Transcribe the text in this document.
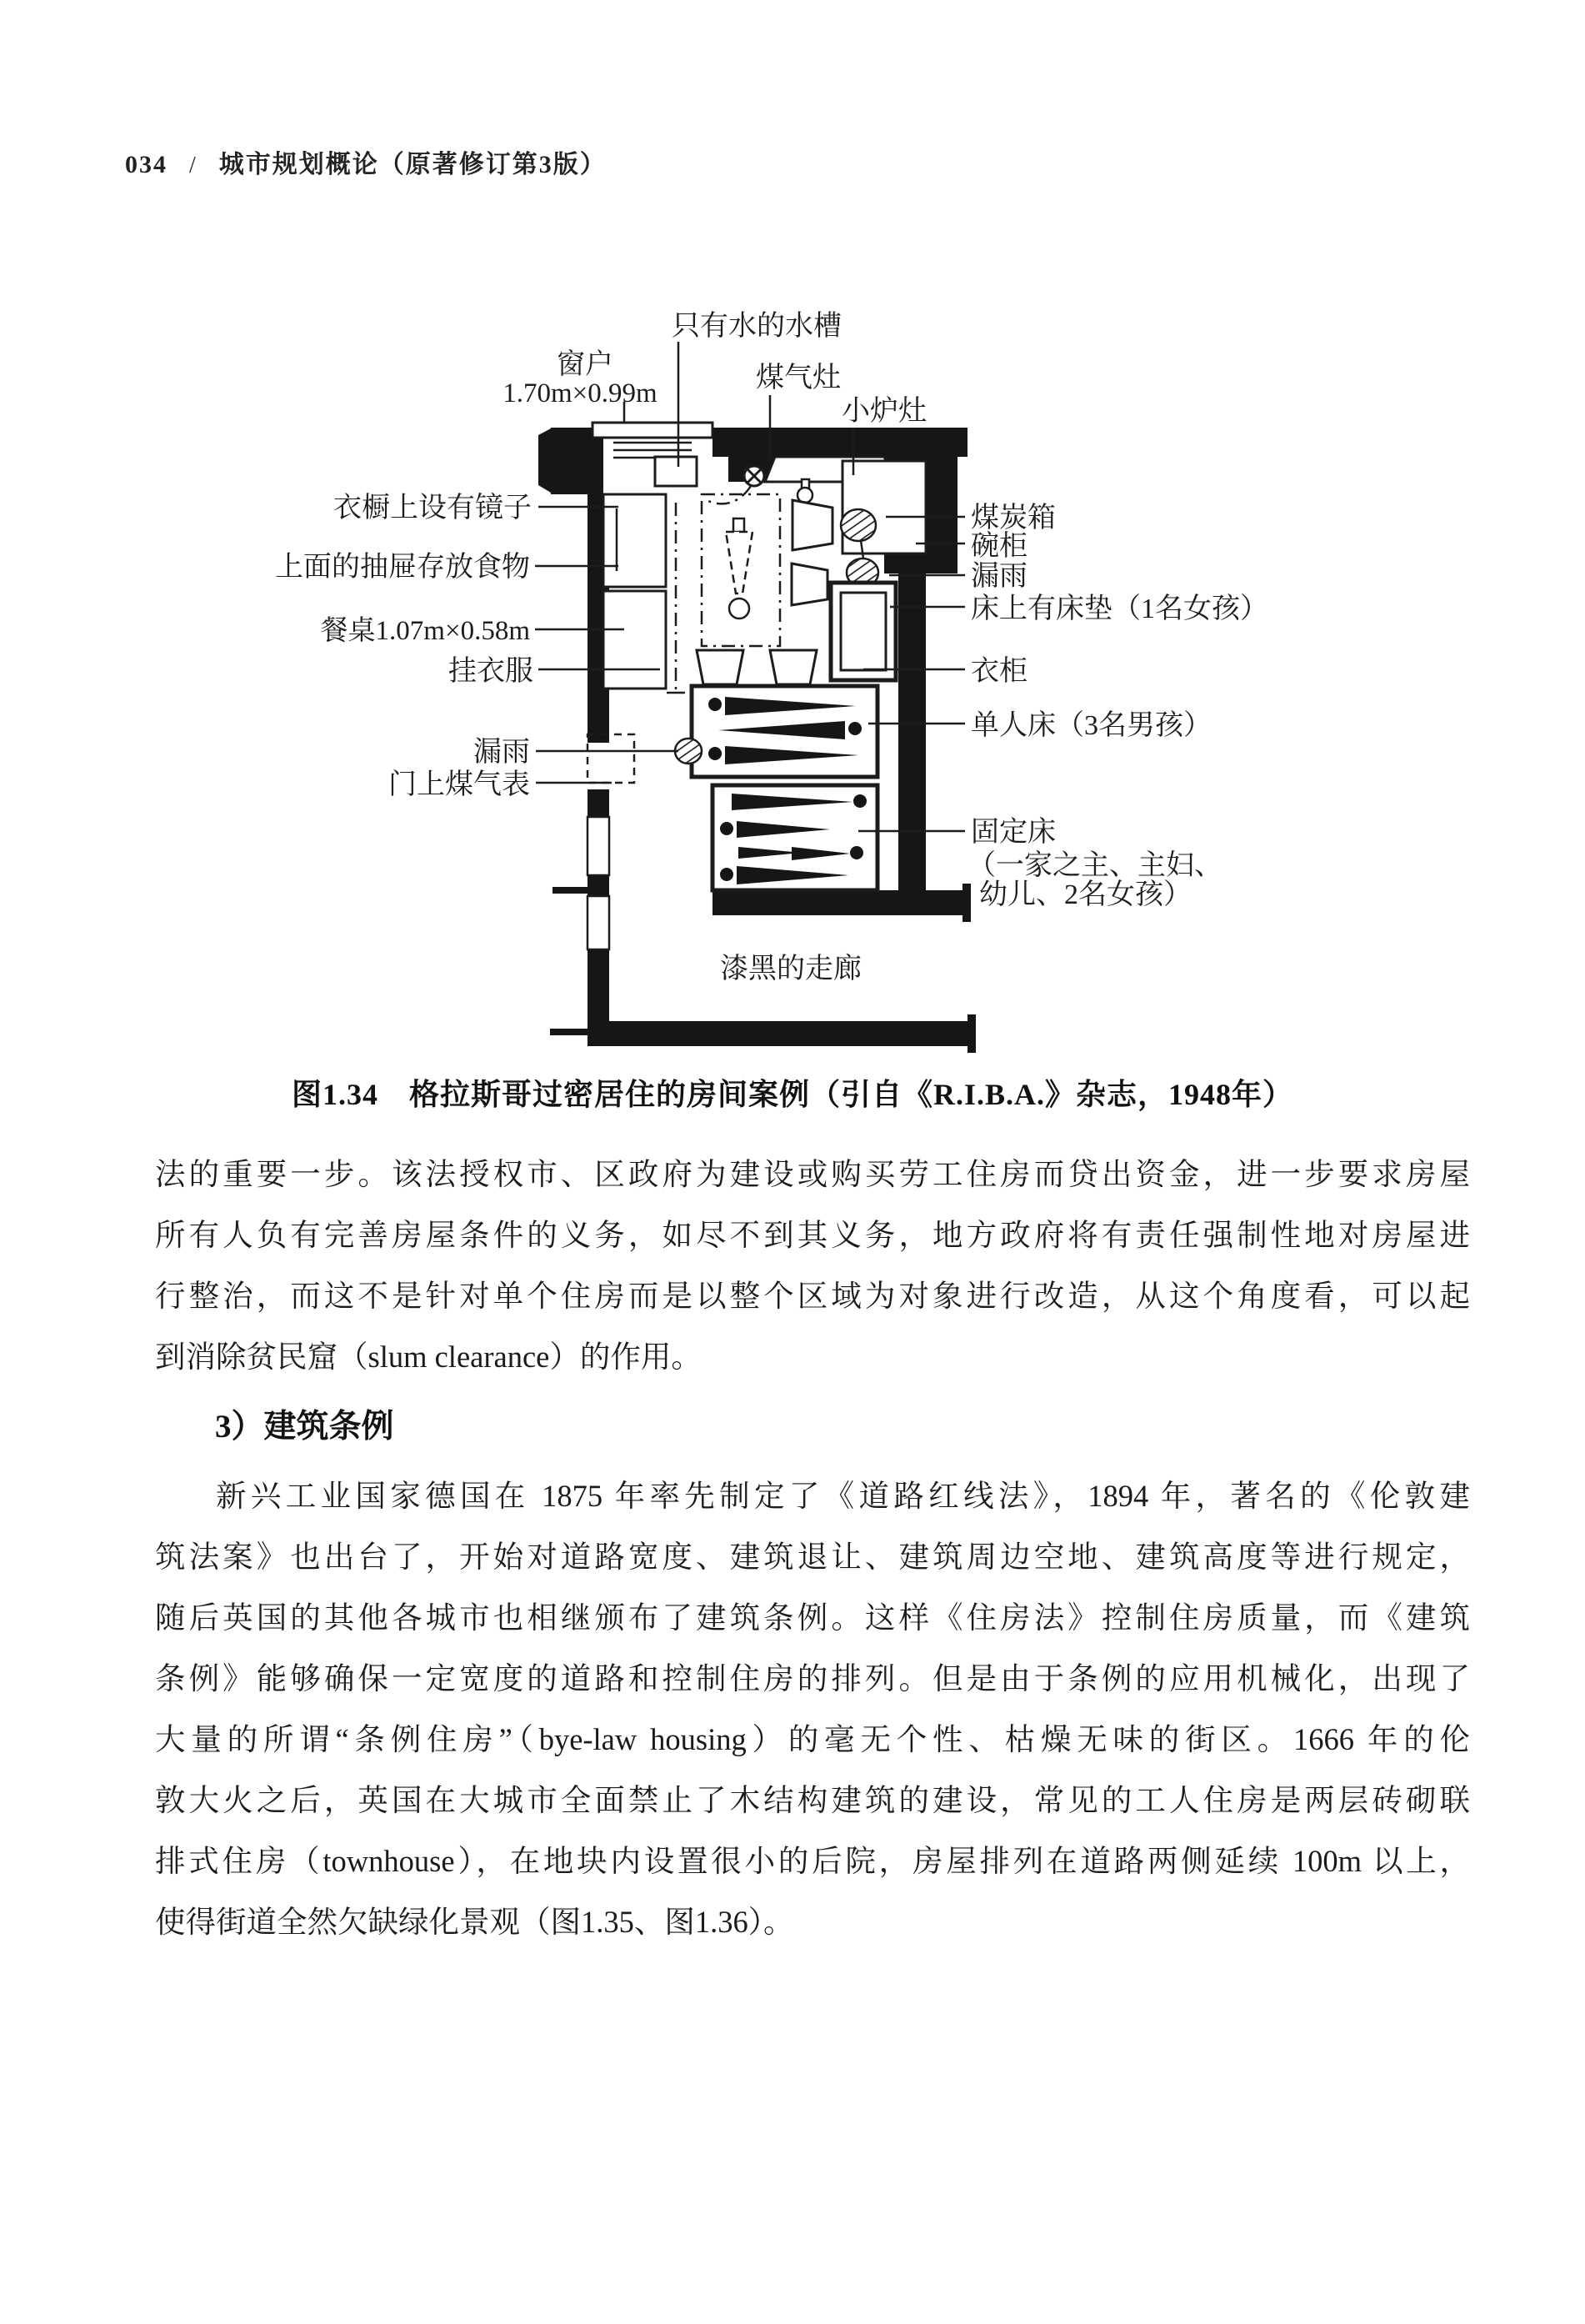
034 / 城市规划概论（原著修订第3版）
只有水的水槽
窗户
1.70m×0.99m	煤气灶
小炉灶
衣橱上设有镜子
上面的抽屉存放食物
餐桌1.07m×0.58m
挂衣服
漏雨
门上煤气表
煤炭箱
碗柜
漏雨
床上有床垫（1名女孩）
衣柜
单人床（3名男孩）
固定床
（一家之主、主妇、
幼儿、2名女孩）
漆黑的走廊
图1.34　格拉斯哥过密居住的房间案例（引自《R.I.B.A.》杂志，1948年）
法的重要一步。该法授权市、区政府为建设或购买劳工住房而贷出资金，进一步要求房屋
所有人负有完善房屋条件的义务，如尽不到其义务，地方政府将有责任强制性地对房屋进
行整治，而这不是针对单个住房而是以整个区域为对象进行改造，从这个角度看，可以起
到消除贫民窟（slum clearance）的作用。
3）建筑条例
新兴工业国家德国在 1875 年率先制定了《道路红线法》，1894 年，著名的《伦敦建
筑法案》也出台了，开始对道路宽度、建筑退让、建筑周边空地、建筑高度等进行规定，
随后英国的其他各城市也相继颁布了建筑条例。这样《住房法》控制住房质量，而《建筑
条例》能够确保一定宽度的道路和控制住房的排列。但是由于条例的应用机械化，出现了
大量的所谓“条例住房”（bye-law housing）的毫无个性、枯燥无味的街区。1666 年的伦
敦大火之后，英国在大城市全面禁止了木结构建筑的建设，常见的工人住房是两层砖砌联
排式住房（townhouse），在地块内设置很小的后院，房屋排列在道路两侧延续 100m 以上，
使得街道全然欠缺绿化景观（图1.35、图1.36）。
